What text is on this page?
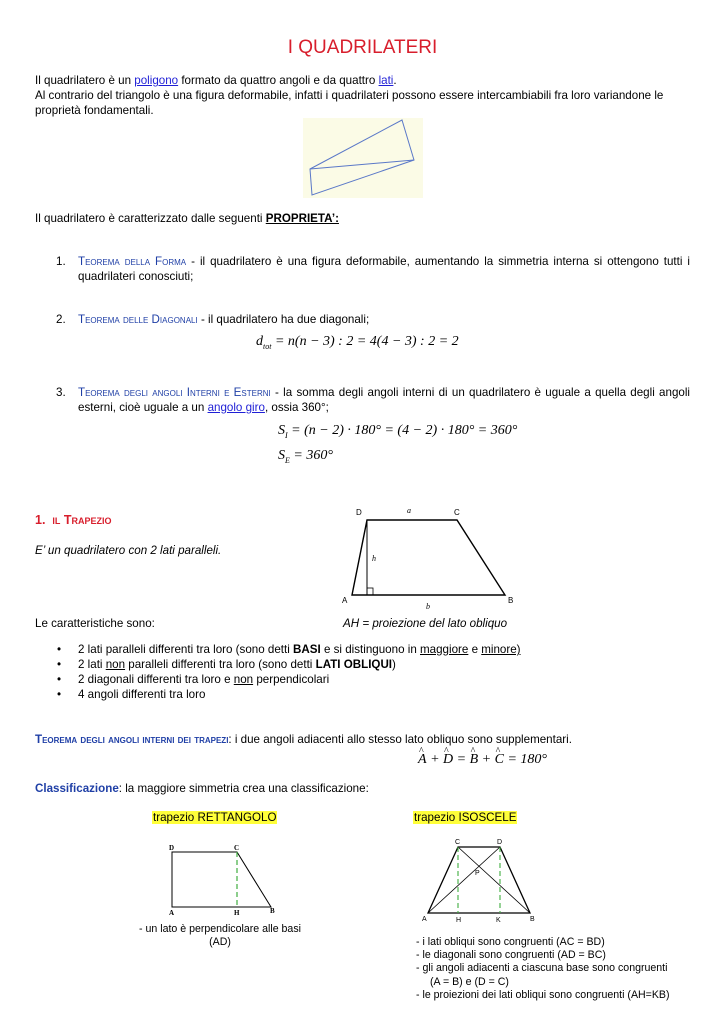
I QUADRILATERI
Il quadrilatero è un poligono formato da quattro angoli e da quattro lati.
Al contrario del triangolo è una figura deformabile, infatti i quadrilateri possono essere intercambiabili fra loro variandone le proprietà fondamentali.
Il quadrilatero è caratterizzato dalle seguenti PROPRIETA’:
1. Teorema della Forma - il quadrilatero è una figura deformabile, aumentando la simmetria interna si ottengono tutti i quadrilateri conosciuti;
2. Teorema delle Diagonali - il quadrilatero ha due diagonali;
$d_{tot} = n(n - 3)$ : 2 = 4(4 − 3) : 2 = 2
3. Teorema degli angoli Interni e Esterni - la somma degli angoli interni di un quadrilatero è uguale a quella degli angoli esterni, cioè uguale a un angolo giro, ossia 360°;
$S_I = (n - 2) \cdot 180^\circ = (4 - 2) \cdot 180^\circ = 360^\circ$
$S_E = 360^\circ$
1. il Trapezio
E’ un quadrilatero con 2 lati paralleli.
D	C
A	B
a
b
h
Le caratteristiche sono:	AH = proiezione del lato obliquo
• 2 lati paralleli differenti tra loro (sono detti BASI e si distinguono in maggiore e minore)
• 2 lati non paralleli differenti tra loro (sono detti LATI OBLIQUI)
• 2 diagonali differenti tra loro e non perpendicolari
• 4 angoli differenti tra loro
Teorema degli angoli interni dei trapezi: i due angoli adiacenti allo stesso lato obliquo sono supplementari.
^ A + ^ D = ^ B + ^ C = 180°
Classificazione: la maggiore simmetria crea una classificazione:
trapezio RETTANGOLO
D	C
A	H	B
- un lato è perpendicolare alle basi
(AD)
trapezio ISOSCELE
C	D
P
A	H	K	B
- i lati obliqui sono congruenti (AC = BD)
- le diagonali sono congruenti (AD = BC)
- gli angoli adiacenti a ciascuna base sono congruenti
(A = B) e (D = C)
- le proiezioni dei lati obliqui sono congruenti (AH=KB)
